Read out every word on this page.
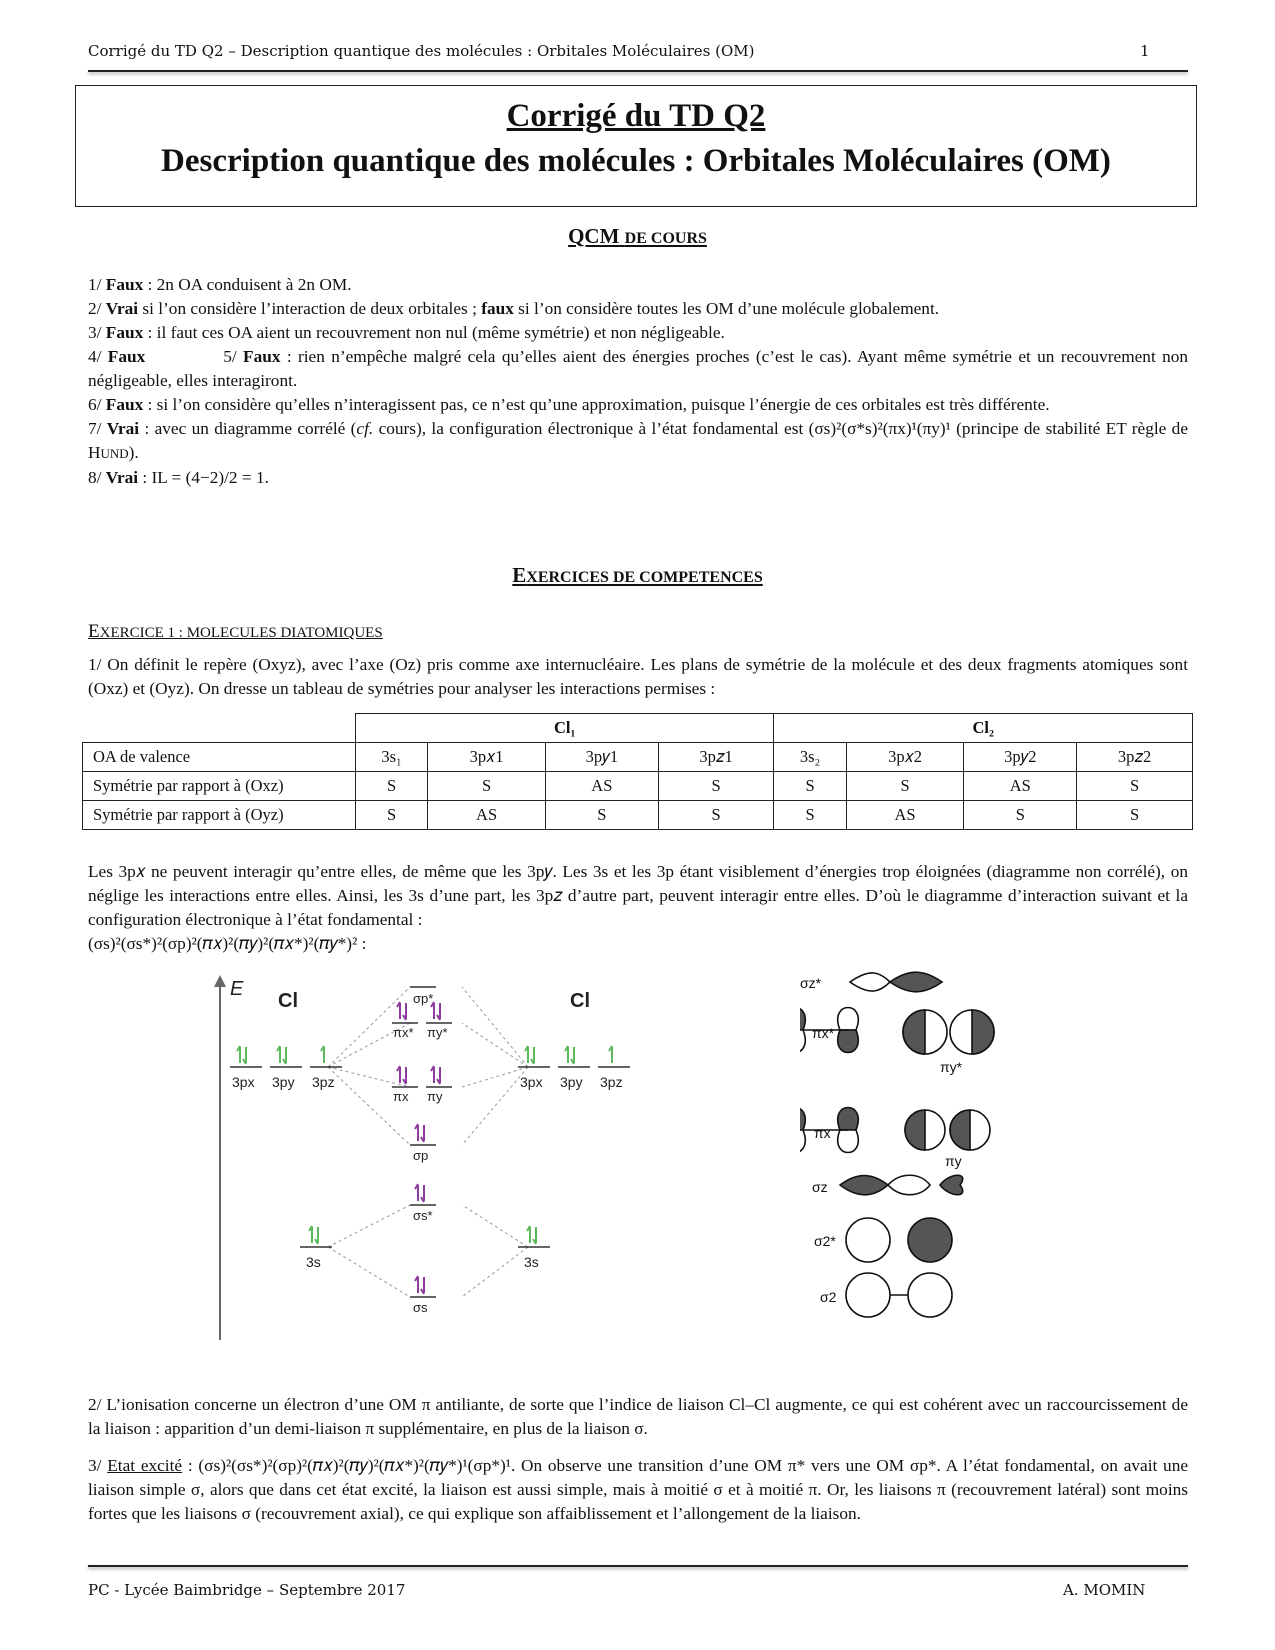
Corrigé du TD Q2 – Description quantique des molécules : Orbitales Moléculaires (OM)	1
Corrigé du TD Q2
Description quantique des molécules : Orbitales Moléculaires (OM)
QCM DE COURS

1/ Faux : 2n OA conduisent à 2n OM.

2/ Vrai si l’on considère l’interaction de deux orbitales ; faux si l’on considère toutes les OM d’une molécule globalement.

3/ Faux : il faut ces OA aient un recouvrement non nul (même symétrie) et non négligeable.

4/ Faux	5/ Faux : rien n’empêche malgré cela qu’elles aient des énergies proches (c’est le cas). Ayant même symétrie et un recouvrement non négligeable, elles interagiront.

6/ Faux : si l’on considère qu’elles n’interagissent pas, ce n’est qu’une approximation, puisque l’énergie de ces orbitales est très différente.

7/ Vrai : avec un diagramme corrélé (cf. cours), la configuration électronique à l’état fondamental est (σs)²(σ*s)²(πx)¹(πy)¹ (principe de stabilité ET règle de HUND).

8/ Vrai : IL = (4−2)/2 = 1.

EXERCICES DE COMPETENCES
EXERCICE 1 : MOLECULES DIATOMIQUES
1/ On définit le repère (Oxyz), avec l’axe (Oz) pris comme axe internucléaire. Les plans de symétrie de la molécule et des deux fragments atomiques sont (Oxz) et (Oyz). On dresse un tableau de symétries pour analyser les interactions permises :
	Cl₁				Cl₂			
OA de valence	3s₁	3p𝑥1	3p𝑦1	3p𝑧1	3s₂	3p𝑥2	3p𝑦2	3p𝑧2
Symétrie par rapport à (Oxz)	S	S	AS	S	S	S	AS	S
Symétrie par rapport à (Oyz)	S	AS	S	S	S	AS	S	S

Les 3p𝑥 ne peuvent interagir qu’entre elles, de même que les 3p𝑦. Les 3s et les 3p étant visiblement d’énergies trop éloignées (diagramme non corrélé), on néglige les interactions entre elles. Ainsi, les 3s d’une part, les 3p𝑧 d’autre part, peuvent interagir entre elles. D’où le diagramme d’interaction suivant et la configuration électronique à l’état fondamental :

(σs)²(σs*)²(σp)²(𝜋𝑥)²(𝜋𝑦)²(𝜋𝑥*)²(𝜋𝑦*)² :

E
Cl	Cl
3px 3py 3pz	3px 3py 3pz
3s	3s
σp*
πx* πy*
πx πy
σp
σs*
σs
σz*
πx*
πy*
πx
πy
σz
σ2*
σ2
2/ L’ionisation concerne un électron d’une OM π antiliante, de sorte que l’indice de liaison Cl–Cl augmente, ce qui est cohérent avec un raccourcissement de la liaison : apparition d’un demi-liaison π supplémentaire, en plus de la liaison σ.
3/ Etat excité : (σs)²(σs*)²(σp)²(𝜋𝑥)²(𝜋𝑦)²(𝜋𝑥*)²(𝜋𝑦*)¹(σp*)¹. On observe une transition d’une OM π* vers une OM σp*. A l’état fondamental, on avait une liaison simple σ, alors que dans cet état excité, la liaison est aussi simple, mais à moitié σ et à moitié π. Or, les liaisons π (recouvrement latéral) sont moins fortes que les liaisons σ (recouvrement axial), ce qui explique son affaiblissement et l’allongement de la liaison.
PC - Lycée Baimbridge – Septembre 2017	A. MOMIN
